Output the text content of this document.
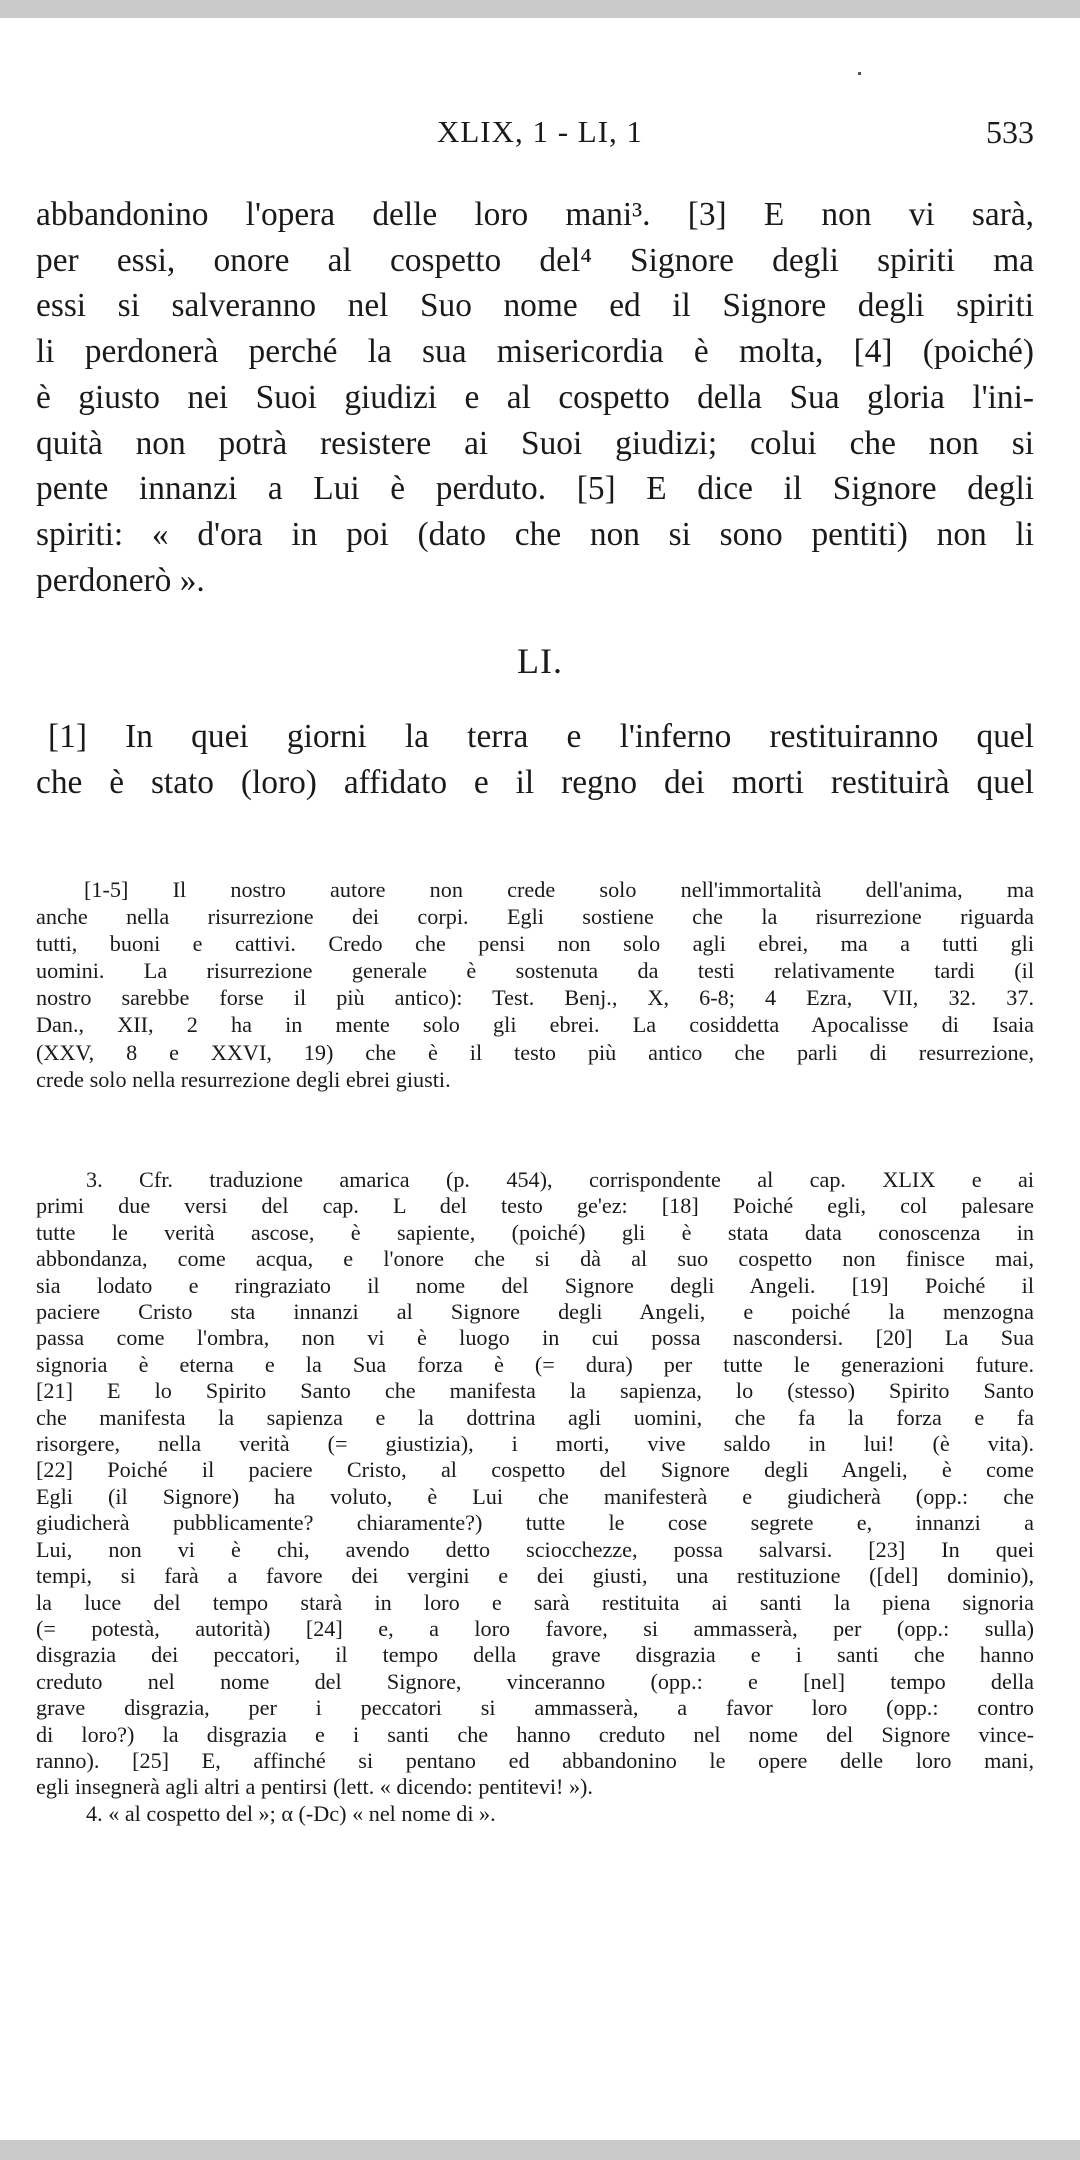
XLIX, 1 - LI, 1	533
abbandonino l'opera delle loro mani³. [3] E non vi sarà,
per essi, onore al cospetto del⁴ Signore degli spiriti ma
essi si salveranno nel Suo nome ed il Signore degli spiriti
li perdonerà perché la sua misericordia è molta, [4] (poiché)
è giusto nei Suoi giudizi e al cospetto della Sua gloria l'ini-
quità non potrà resistere ai Suoi giudizi; colui che non si
pente innanzi a Lui è perduto. [5] E dice il Signore degli
spiriti: « d'ora in poi (dato che non si sono pentiti) non li
perdonerò ».
LI.
[1] In quei giorni la terra e l'inferno restituiranno quel
che è stato (loro) affidato e il regno dei morti restituirà quel
[1-5] Il nostro autore non crede solo nell'immortalità dell'anima, ma
anche nella risurrezione dei corpi. Egli sostiene che la risurrezione riguarda
tutti, buoni e cattivi. Credo che pensi non solo agli ebrei, ma a tutti gli
uomini. La risurrezione generale è sostenuta da testi relativamente tardi (il
nostro sarebbe forse il più antico): Test. Benj., X, 6-8; 4 Ezra, VII, 32. 37.
Dan., XII, 2 ha in mente solo gli ebrei. La cosiddetta Apocalisse di Isaia
(XXV, 8 e XXVI, 19) che è il testo più antico che parli di resurrezione,
crede solo nella resurrezione degli ebrei giusti.
3. Cfr. traduzione amarica (p. 454), corrispondente al cap. XLIX e ai
primi due versi del cap. L del testo ge'ez: [18] Poiché egli, col palesare
tutte le verità ascose, è sapiente, (poiché) gli è stata data conoscenza in
abbondanza, come acqua, e l'onore che si dà al suo cospetto non finisce mai,
sia lodato e ringraziato il nome del Signore degli Angeli. [19] Poiché il
paciere Cristo sta innanzi al Signore degli Angeli, e poiché la menzogna
passa come l'ombra, non vi è luogo in cui possa nascondersi. [20] La Sua
signoria è eterna e la Sua forza è (= dura) per tutte le generazioni future.
[21] E lo Spirito Santo che manifesta la sapienza, lo (stesso) Spirito Santo
che manifesta la sapienza e la dottrina agli uomini, che fa la forza e fa
risorgere, nella verità (= giustizia), i morti, vive saldo in lui! (è vita).
[22] Poiché il paciere Cristo, al cospetto del Signore degli Angeli, è come
Egli (il Signore) ha voluto, è Lui che manifesterà e giudicherà (opp.: che
giudicherà pubblicamente? chiaramente?) tutte le cose segrete e, innanzi a
Lui, non vi è chi, avendo detto sciocchezze, possa salvarsi. [23] In quei
tempi, si farà a favore dei vergini e dei giusti, una restituzione ([del] dominio),
la luce del tempo starà in loro e sarà restituita ai santi la piena signoria
(= potestà, autorità) [24] e, a loro favore, si ammasserà, per (opp.: sulla)
disgrazia dei peccatori, il tempo della grave disgrazia e i santi che hanno
creduto nel nome del Signore, vinceranno (opp.: e [nel] tempo della
grave disgrazia, per i peccatori si ammasserà, a favor loro (opp.: contro
di loro?) la disgrazia e i santi che hanno creduto nel nome del Signore vince-
ranno). [25] E, affinché si pentano ed abbandonino le opere delle loro mani,
egli insegnerà agli altri a pentirsi (lett. « dicendo: pentitevi! »).
4. « al cospetto del »; α (-Dc) « nel nome di ».
